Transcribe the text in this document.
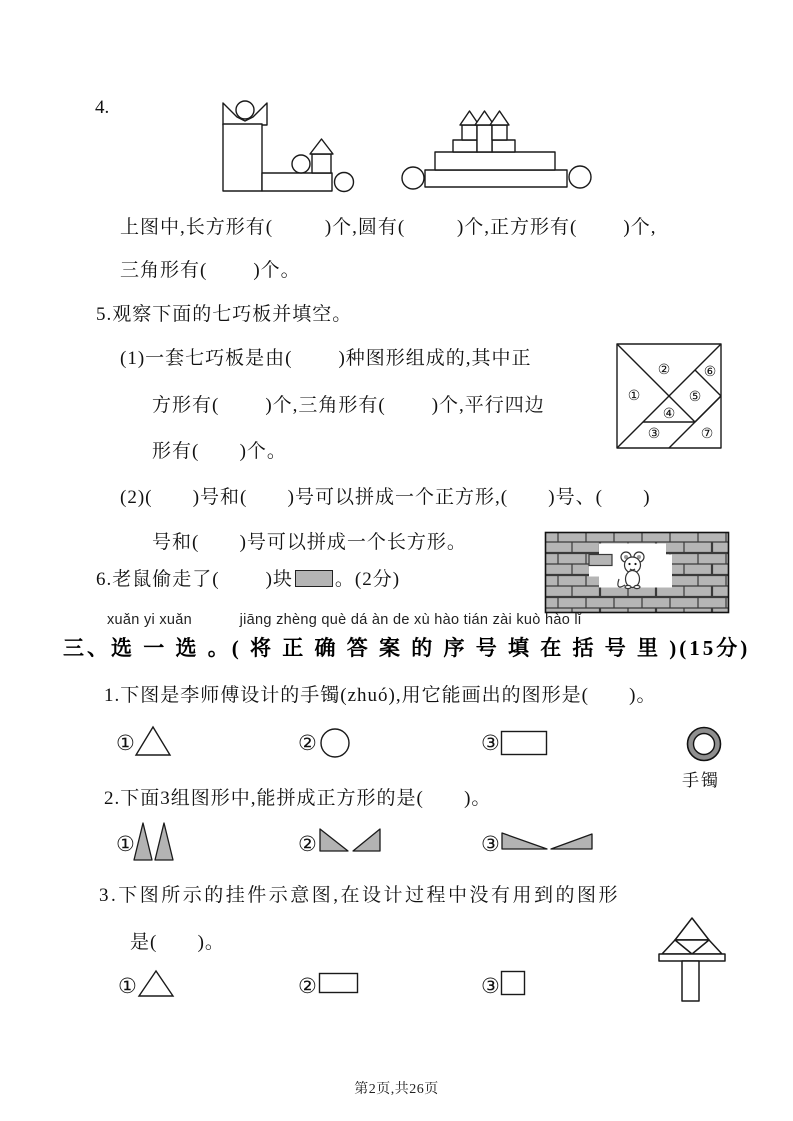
4.
上图中,长方形有(         )个,圆有(         )个,正方形有(        )个,
三角形有(        )个。
5.观察下面的七巧板并填空。
(1)一套七巧板是由(        )种图形组成的,其中正
方形有(        )个,三角形有(        )个,平行四边
形有(       )个。
(2)(       )号和(       )号可以拼成一个正方形,(       )号、(       )
号和(       )号可以拼成一个长方形。
①
②
③
④
⑤
⑥
⑦
6.老鼠偷走了(        )块 。(2分)
xuǎn yi xuǎn           jiāng zhèng què dá àn de xù hào tián zài kuò hào lǐ
三、选 一 选 。( 将 正 确 答 案 的 序 号 填 在 括 号 里 )(15分)
1.下图是李师傅设计的手镯(zhuó),用它能画出的图形是(       )。
①	②	③
手镯
2.下面3组图形中,能拼成正方形的是(       )。
①	②	③
3.下图所示的挂件示意图,在设计过程中没有用到的图形
是(       )。
①	②	③
第2页,共26页
